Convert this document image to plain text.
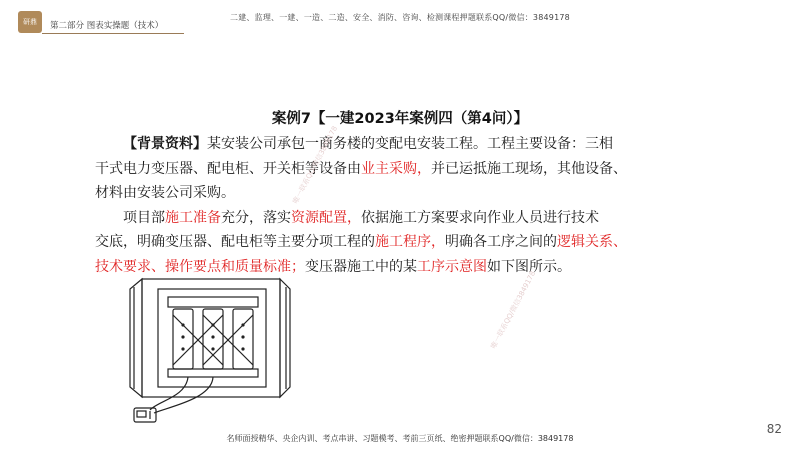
研鼎 第二部分 图表实操题（技术）
二建、监理、一建、一造、二造、安全、消防、咨询、检测课程押题联系QQ/微信：3849178
案例7【一建2023年案例四（第4问）】
【背景资料】某安装公司承包一商务楼的变配电安装工程。工程主要设备：三相
干式电力变压器、配电柜、开关柜等设备由业主采购，并已运抵施工现场，其他设备、
材料由安装公司采购。
项目部施工准备充分，落实资源配置，依据施工方案要求向作业人员进行技术
交底，明确变压器、配电柜等主要分项工程的施工程序，明确各工序之间的逻辑关系、
技术要求、操作要点和质量标准；变压器施工中的某工序示意图如下图所示。
唯一联系QQ/微信3849178
唯一联系QQ/微信3849178
名师面授精华、央企内训、考点串讲、习题模考、考前三页纸、绝密押题联系QQ/微信：3849178
82
